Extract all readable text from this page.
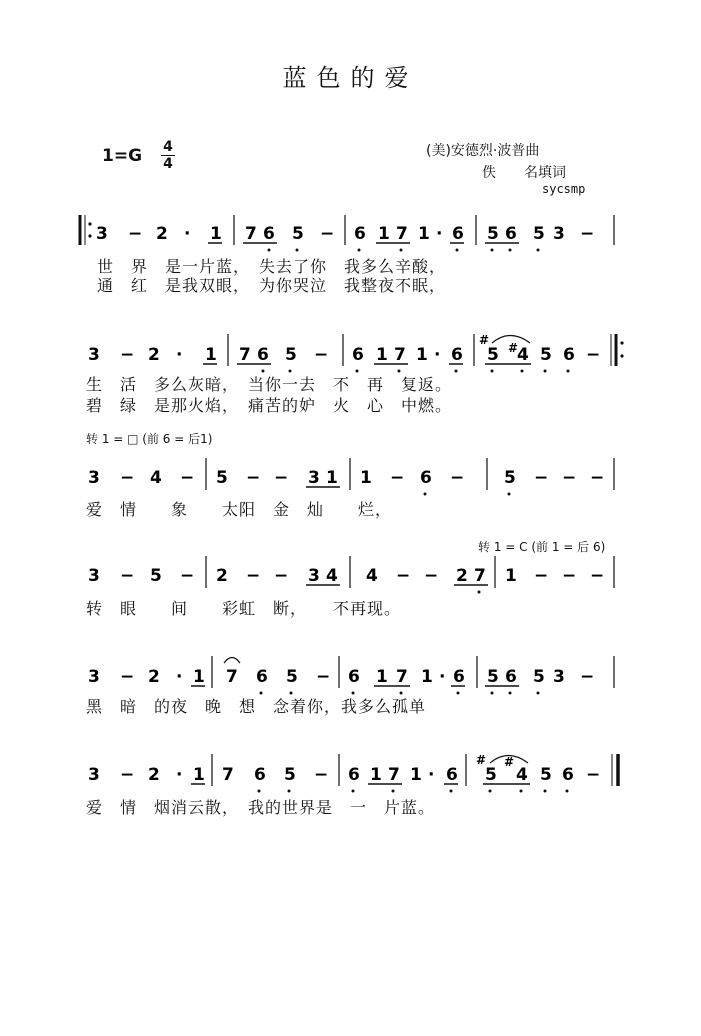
蓝色的爱
1=G 4
4
(美)安德烈·波普曲
佚　　名填词
sycsmp
3 − 2 · 1 7 6 5 − 6 1 7 1 · 6 5 6 5 3 −
3 − 2 · 1 7 6 5 − 6 1 7 1 · 6
#
5 #
4 5 6 −
3 − 4 − 5 − − 3 1 1 − 6 − 5 − − −
3 − 5 − 2 − − 3 4 4 − − 2 7 1 − − −
3 − 2 · 1 7 6 5 − 6 1 7 1 · 6 5 6 5 3 −
3 − 2 · 1 7 6 5 − 6 1 7 1 · 6
#
5
#
4 5 6 −
世　界　是一片蓝，　失去了你　我多么辛酸，
通　红　是我双眼，　为你哭泣　我整夜不眠，
生　活　多么灰暗，　当你一去　不　再　复返。
碧　绿　是那火焰，　痛苦的妒　火　心　中燃。
转 1 = □ (前 6 = 后1)
爱　情　　象　　太阳　金　灿　　烂，
转 1 = C (前 1 = 后 6)
转　眼　　间　　彩虹　断，　　不再现。
黑　暗　的夜　晚　想　念着你，我多么孤单
爱　情　烟消云散，　我的世界是　一　片蓝。
